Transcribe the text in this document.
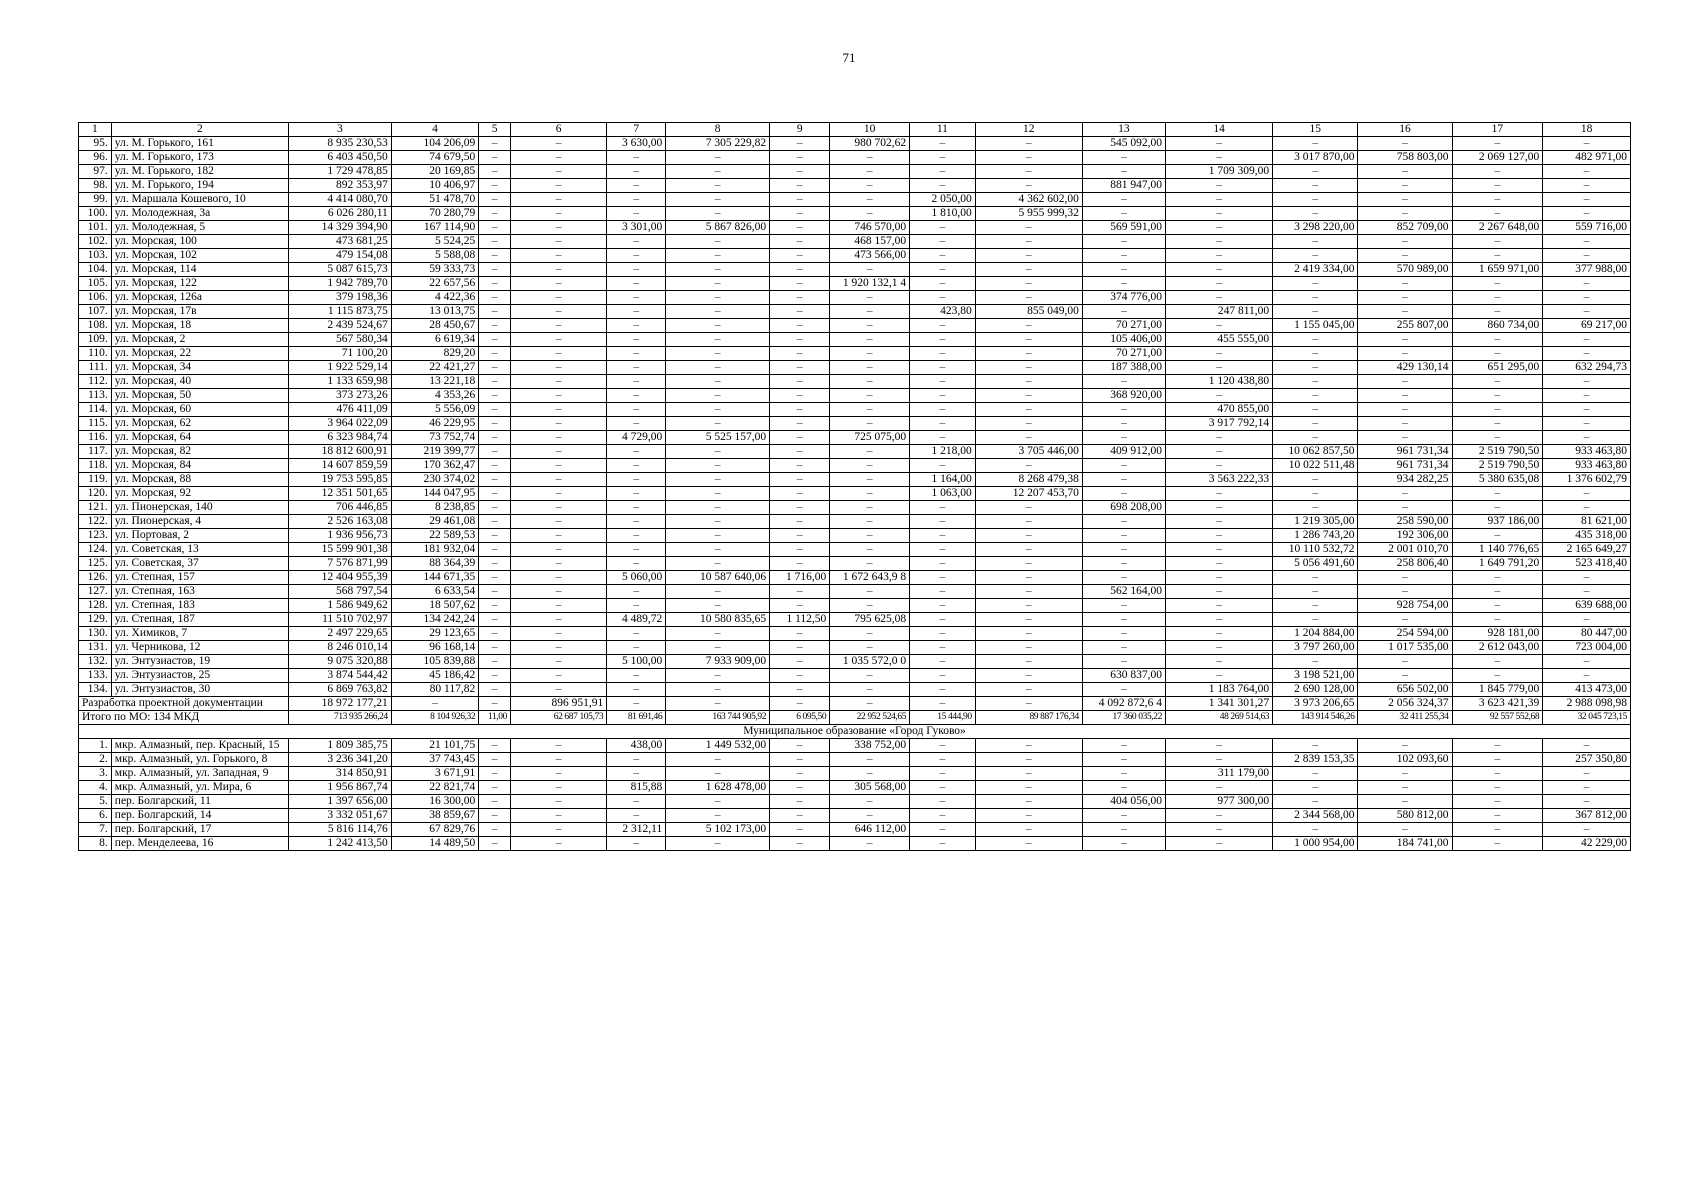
71
1	2	3	4	5	6	7	8	9	10	11	12	13	14	15	16	17	18
95.	ул. М. Горького, 161	8 935 230,53	104 206,09	–	–	3 630,00	7 305 229,82	–	980 702,62	–	–	545 092,00	–	–	–	–	–
96.	ул. М. Горького, 173	6 403 450,50	74 679,50	–	–	–	–	–	–	–	–	–	–	3 017 870,00	758 803,00	2 069 127,00	482 971,00
97.	ул. М. Горького, 182	1 729 478,85	20 169,85	–	–	–	–	–	–	–	–	–	1 709 309,00	–	–	–	–
98.	ул. М. Горького, 194	892 353,97	10 406,97	–	–	–	–	–	–	–	–	881 947,00	–	–	–	–	–
99.	ул. Маршала Кошевого, 10	4 414 080,70	51 478,70	–	–	–	–	–	–	2 050,00	4 362 602,00	–	–	–	–	–	–
100.	ул. Молодежная, 3а	6 026 280,11	70 280,79	–	–	–	–	–	–	1 810,00	5 955 999,32	–	–	–	–	–	–
101.	ул. Молодежная, 5	14 329 394,90	167 114,90	–	–	3 301,00	5 867 826,00	–	746 570,00	–	–	569 591,00	–	3 298 220,00	852 709,00	2 267 648,00	559 716,00
102.	ул. Морская, 100	473 681,25	5 524,25	–	–	–	–	–	468 157,00	–	–	–	–	–	–	–	–
103.	ул. Морская, 102	479 154,08	5 588,08	–	–	–	–	–	473 566,00	–	–	–	–	–	–	–	–
104.	ул. Морская, 114	5 087 615,73	59 333,73	–	–	–	–	–	–	–	–	–	–	2 419 334,00	570 989,00	1 659 971,00	377 988,00
105.	ул. Морская, 122	1 942 789,70	22 657,56	–	–	–	–	–	1 920 132,1 4	–	–	–	–	–	–	–	–
106.	ул. Морская, 126а	379 198,36	4 422,36	–	–	–	–	–	–	–	–	374 776,00	–	–	–	–	–
107.	ул. Морская, 17в	1 115 873,75	13 013,75	–	–	–	–	–	–	423,80	855 049,00	–	247 811,00	–	–	–	–
108.	ул. Морская, 18	2 439 524,67	28 450,67	–	–	–	–	–	–	–	–	70 271,00	–	1 155 045,00	255 807,00	860 734,00	69 217,00
109.	ул. Морская, 2	567 580,34	6 619,34	–	–	–	–	–	–	–	–	105 406,00	455 555,00	–	–	–	–
110.	ул. Морская, 22	71 100,20	829,20	–	–	–	–	–	–	–	–	70 271,00	–	–	–	–	–
111.	ул. Морская, 34	1 922 529,14	22 421,27	–	–	–	–	–	–	–	–	187 388,00	–	–	429 130,14	651 295,00	632 294,73
112.	ул. Морская, 40	1 133 659,98	13 221,18	–	–	–	–	–	–	–	–	–	1 120 438,80	–	–	–	–
113.	ул. Морская, 50	373 273,26	4 353,26	–	–	–	–	–	–	–	–	368 920,00	–	–	–	–	–
114.	ул. Морская, 60	476 411,09	5 556,09	–	–	–	–	–	–	–	–	–	470 855,00	–	–	–	–
115.	ул. Морская, 62	3 964 022,09	46 229,95	–	–	–	–	–	–	–	–	–	3 917 792,14	–	–	–	–
116.	ул. Морская, 64	6 323 984,74	73 752,74	–	–	4 729,00	5 525 157,00	–	725 075,00	–	–	–	–	–	–	–	–
117.	ул. Морская, 82	18 812 600,91	219 399,77	–	–	–	–	–	–	1 218,00	3 705 446,00	409 912,00	–	10 062 857,50	961 731,34	2 519 790,50	933 463,80
118.	ул. Морская, 84	14 607 859,59	170 362,47	–	–	–	–	–	–	–	–	–	–	10 022 511,48	961 731,34	2 519 790,50	933 463,80
119.	ул. Морская, 88	19 753 595,85	230 374,02	–	–	–	–	–	–	1 164,00	8 268 479,38	–	3 563 222,33	–	934 282,25	5 380 635,08	1 376 602,79
120.	ул. Морская, 92	12 351 501,65	144 047,95	–	–	–	–	–	–	1 063,00	12 207 453,70	–	–	–	–	–	–
121.	ул. Пионерская, 140	706 446,85	8 238,85	–	–	–	–	–	–	–	–	698 208,00	–	–	–	–	–
122.	ул. Пионерская, 4	2 526 163,08	29 461,08	–	–	–	–	–	–	–	–	–	–	1 219 305,00	258 590,00	937 186,00	81 621,00
123.	ул. Портовая, 2	1 936 956,73	22 589,53	–	–	–	–	–	–	–	–	–	–	1 286 743,20	192 306,00	–	435 318,00
124.	ул. Советская, 13	15 599 901,38	181 932,04	–	–	–	–	–	–	–	–	–	–	10 110 532,72	2 001 010,70	1 140 776,65	2 165 649,27
125.	ул. Советская, 37	7 576 871,99	88 364,39	–	–	–	–	–	–	–	–	–	–	5 056 491,60	258 806,40	1 649 791,20	523 418,40
126.	ул. Степная, 157	12 404 955,39	144 671,35	–	–	5 060,00	10 587 640,06	1 716,00	1 672 643,9 8	–	–	–	–	–	–	–	–
127.	ул. Степная, 163	568 797,54	6 633,54	–	–	–	–	–	–	–	–	562 164,00	–	–	–	–	–
128.	ул. Степная, 183	1 586 949,62	18 507,62	–	–	–	–	–	–	–	–	–	–	–	928 754,00	–	639 688,00
129.	ул. Степная, 187	11 510 702,97	134 242,24	–	–	4 489,72	10 580 835,65	1 112,50	795 625,08	–	–	–	–	–	–	–	–
130.	ул. Химиков, 7	2 497 229,65	29 123,65	–	–	–	–	–	–	–	–	–	–	1 204 884,00	254 594,00	928 181,00	80 447,00
131.	ул. Черникова, 12	8 246 010,14	96 168,14	–	–	–	–	–	–	–	–	–	–	3 797 260,00	1 017 535,00	2 612 043,00	723 004,00
132.	ул. Энтузиастов, 19	9 075 320,88	105 839,88	–	–	5 100,00	7 933 909,00	–	1 035 572,0 0	–	–	–	–	–	–	–	–
133.	ул. Энтузиастов, 25	3 874 544,42	45 186,42	–	–	–	–	–	–	–	–	630 837,00	–	3 198 521,00	–	–	–
134.	ул. Энтузиастов, 30	6 869 763,82	80 117,82	–	–	–	–	–	–	–	–	–	1 183 764,00	2 690 128,00	656 502,00	1 845 779,00	413 473,00
Разработка проектной документации		18 972 177,21	–	–	896 951,91	–	–	–	–	–	–	4 092 872,6 4	1 341 301,27	3 973 206,65	2 056 324,37	3 623 421,39	2 988 098,98
Итого по МО: 134 МКД		713 935 266,24	8 104 926,32	11,00	62 687 105,73	81 691,46	163 744 905,92	6 095,50	22 952 524,65	15 444,90	89 887 176,34	17 360 035,22	48 269 514,63	143 914 546,26	32 411 255,34	92 557 552,68	32 045 723,15
Муниципальное образование «Город Гуково»																	
1.	мкр. Алмазный, пер. Красный, 15	1 809 385,75	21 101,75	–	–	438,00	1 449 532,00	–	338 752,00	–	–	–	–	–	–	–	–
2.	мкр. Алмазный, ул. Горького, 8	3 236 341,20	37 743,45	–	–	–	–	–	–	–	–	–	–	2 839 153,35	102 093,60	–	257 350,80
3.	мкр. Алмазный, ул. Западная, 9	314 850,91	3 671,91	–	–	–	–	–	–	–	–	–	311 179,00	–	–	–	–
4.	мкр. Алмазный, ул. Мира, 6	1 956 867,74	22 821,74	–	–	815,88	1 628 478,00	–	305 568,00	–	–	–	–	–	–	–	–
5.	пер. Болгарский, 11	1 397 656,00	16 300,00	–	–	–	–	–	–	–	–	404 056,00	977 300,00	–	–	–	–
6.	пер. Болгарский, 14	3 332 051,67	38 859,67	–	–	–	–	–	–	–	–	–	–	2 344 568,00	580 812,00	–	367 812,00
7.	пер. Болгарский, 17	5 816 114,76	67 829,76	–	–	2 312,11	5 102 173,00	–	646 112,00	–	–	–	–	–	–	–	–
8.	пер. Менделеева, 16	1 242 413,50	14 489,50	–	–	–	–	–	–	–	–	–	–	1 000 954,00	184 741,00	–	42 229,00
